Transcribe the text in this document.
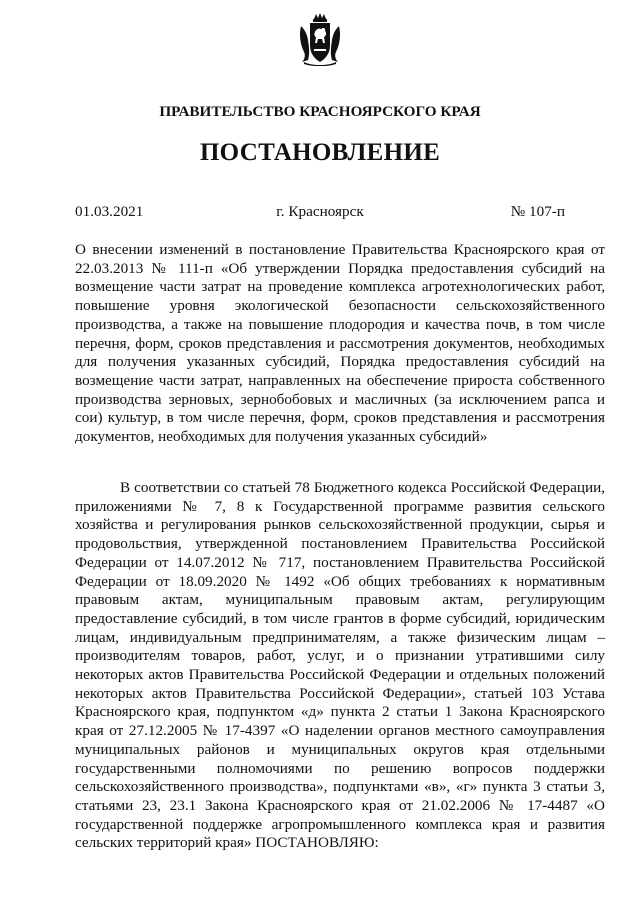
ПРАВИТЕЛЬСТВО КРАСНОЯРСКОГО КРАЯ
ПОСТАНОВЛЕНИЕ
г. Красноярск
01.03.2021	№ 107-п
О внесении изменений в постановление Правительства Красноярского края от 22.03.2013 № 111-п «Об утверждении Порядка предоставления субсидий на возмещение части затрат на проведение комплекса агротехнологических работ, повышение уровня экологической безопасности сельскохозяйственного производства, а также на повышение плодородия и качества почв, в том числе перечня, форм, сроков представления и рассмотрения документов, необходимых для получения указанных субсидий, Порядка предоставления субсидий на возмещение части затрат, направленных на обеспечение прироста собственного производства зерновых, зернобобовых и масличных (за исключением рапса и сои) культур, в том числе перечня, форм, сроков представления и рассмотрения документов, необходимых для получения указанных субсидий»
В соответствии со статьей 78 Бюджетного кодекса Российской Федерации, приложениями № 7, 8 к Государственной программе развития сельского хозяйства и регулирования рынков сельскохозяйственной продукции, сырья и продовольствия, утвержденной постановлением Правительства Российской Федерации от 14.07.2012 № 717, постановлением Правительства Российской Федерации от 18.09.2020 № 1492 «Об общих требованиях к нормативным правовым актам, муниципальным правовым актам, регулирующим предоставление субсидий, в том числе грантов в форме субсидий, юридическим лицам, индивидуальным предпринимателям, а также физическим лицам – производителям товаров, работ, услуг, и о признании утратившими силу некоторых актов Правительства Российской Федерации и отдельных положений некоторых актов Правительства Российской Федерации», статьей 103 Устава Красноярского края, подпунктом «д» пункта 2 статьи 1 Закона Красноярского края от 27.12.2005 № 17-4397 «О наделении органов местного самоуправления муниципальных районов и муниципальных округов края отдельными государственными полномочиями по решению вопросов поддержки сельскохозяйственного производства», подпунктами «в», «г» пункта 3 статьи 3, статьями 23, 23.1 Закона Красноярского края от 21.02.2006 № 17-4487 «О государственной поддержке агропромышленного комплекса края и развития сельских территорий края» ПОСТАНОВЛЯЮ:
